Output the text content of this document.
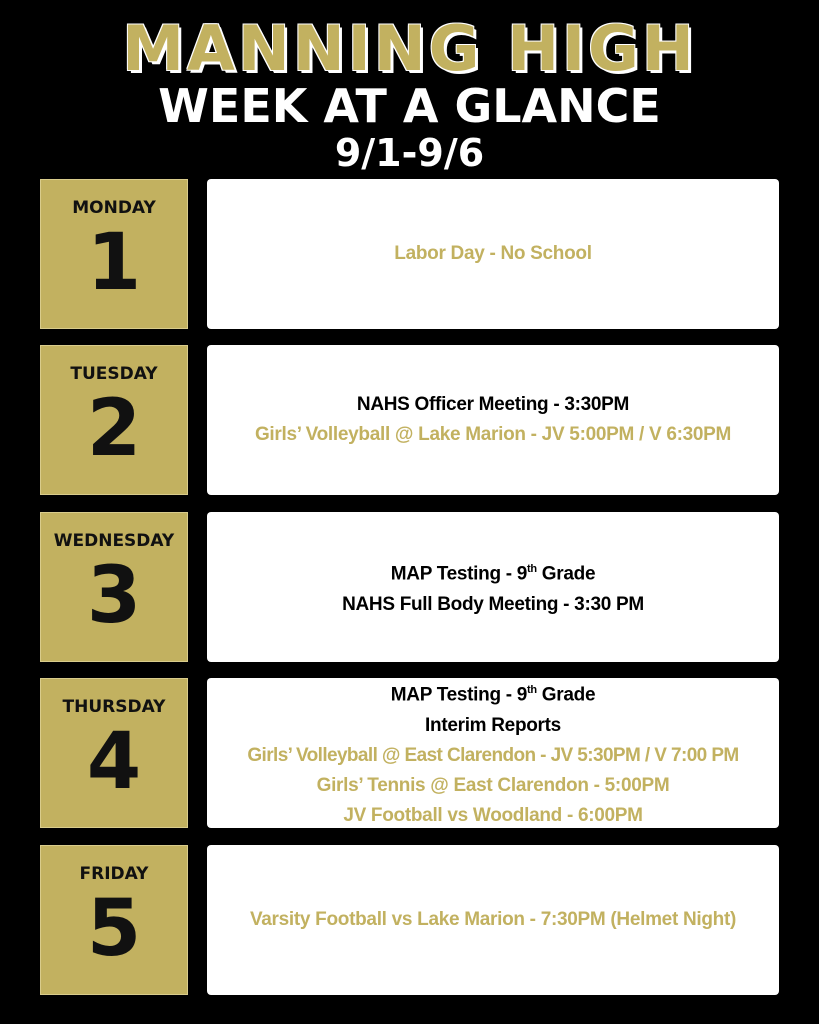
MANNING HIGH
WEEK AT A GLANCE
9/1-9/6
MONDAY
1	Labor Day - No School
TUESDAY
2	NAHS Officer Meeting - 3:30PM
Girls’ Volleyball @ Lake Marion - JV 5:00PM / V 6:30PM
WEDNESDAY
3	MAP Testing - 9th Grade
NAHS Full Body Meeting - 3:30 PM
THURSDAY
4
MAP Testing - 9th Grade
Interim Reports
Girls’ Volleyball @ East Clarendon - JV 5:30PM / V 7:00 PM
Girls’ Tennis @ East Clarendon - 5:00PM
JV Football vs Woodland - 6:00PM
FRIDAY
5	Varsity Football vs Lake Marion - 7:30PM (Helmet Night)
